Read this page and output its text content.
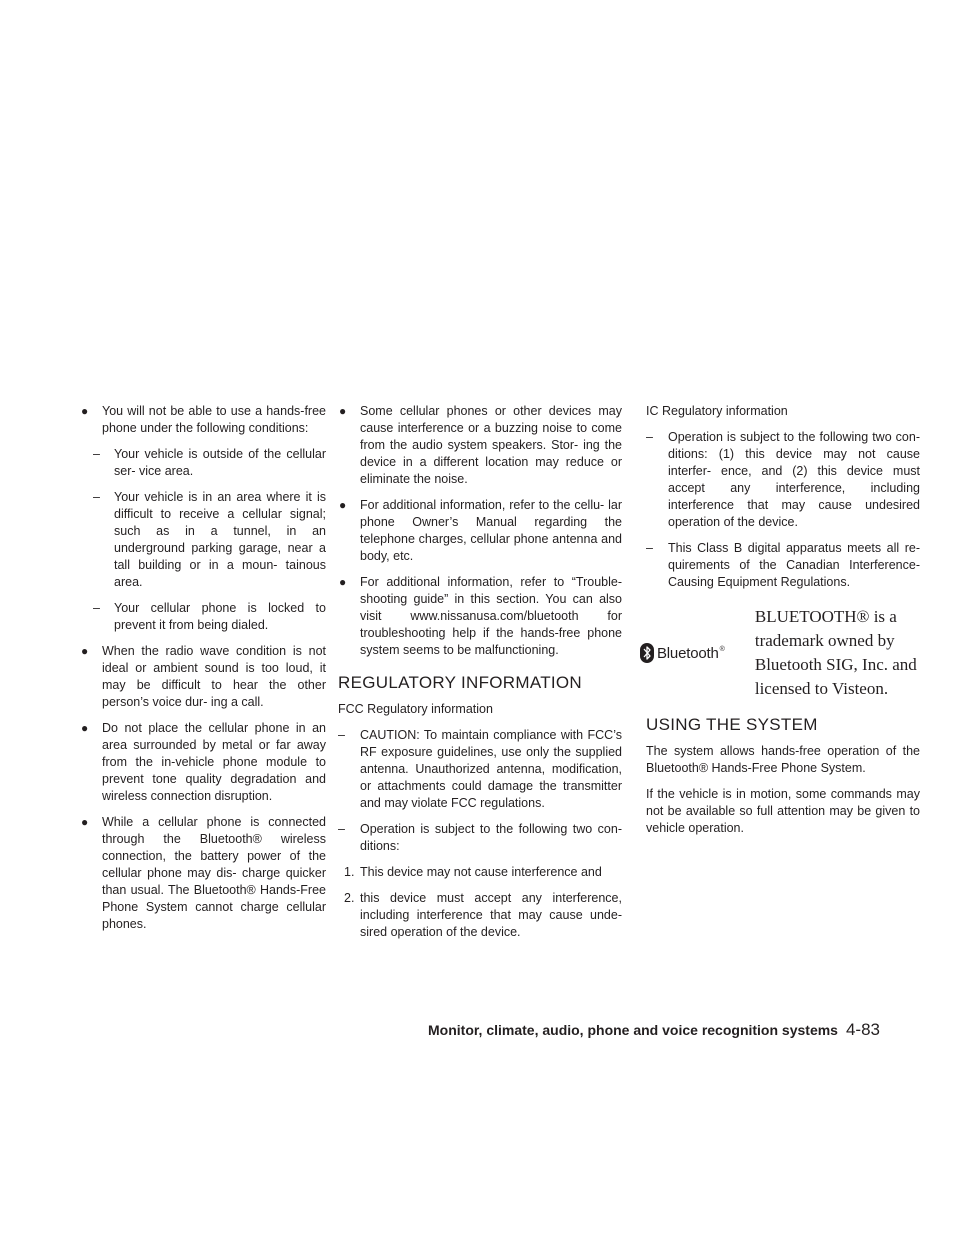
● You will not be able to use a hands-free phone under the following conditions:
– Your vehicle is outside of the cellular ser- vice area.
– Your vehicle is in an area where it is difficult to receive a cellular signal; such as in a tunnel, in an underground parking garage, near a tall building or in a moun- tainous area.
– Your cellular phone is locked to prevent it from being dialed.
● When the radio wave condition is not ideal or ambient sound is too loud, it may be difficult to hear the other person’s voice dur- ing a call.
● Do not place the cellular phone in an area surrounded by metal or far away from the in-vehicle phone module to prevent tone quality degradation and wireless connection disruption.
● While a cellular phone is connected through the Bluetooth® wireless connection, the battery power of the cellular phone may dis- charge quicker than usual. The Bluetooth® Hands-Free Phone System cannot charge cellular phones.
● Some cellular phones or other devices may cause interference or a buzzing noise to come from the audio system speakers. Stor- ing the device in a different location may reduce or eliminate the noise.
● For additional information, refer to the cellu- lar phone Owner’s Manual regarding the telephone charges, cellular phone antenna and body, etc.
● For additional information, refer to “Trouble- shooting guide” in this section. You can also visit www.nissanusa.com/bluetooth for troubleshooting help if the hands-free phone system seems to be malfunctioning.
REGULATORY INFORMATION
FCC Regulatory information
– CAUTION: To maintain compliance with FCC’s RF exposure guidelines, use only the supplied antenna. Unauthorized antenna, modification, or attachments could damage the transmitter and may violate FCC regulations.
– Operation is subject to the following two con- ditions:
1. This device may not cause interference and
2. this device must accept any interference, including interference that may cause unde- sired operation of the device.
IC Regulatory information
– Operation is subject to the following two con- ditions: (1) this device may not cause interfer- ence, and (2) this device must accept any interference, including interference that may cause undesired operation of the device.
– This Class B digital apparatus meets all re- quirements of the Canadian Interference- Causing Equipment Regulations.
Bluetooth ®
BLUETOOTH® is a trademark owned by Bluetooth SIG, Inc. and licensed to Visteon.
USING THE SYSTEM
The system allows hands-free operation of the Bluetooth® Hands-Free Phone System.
If the vehicle is in motion, some commands may not be available so full attention may be given to vehicle operation.
Monitor, climate, audio, phone and voice recognition systems 4-83
